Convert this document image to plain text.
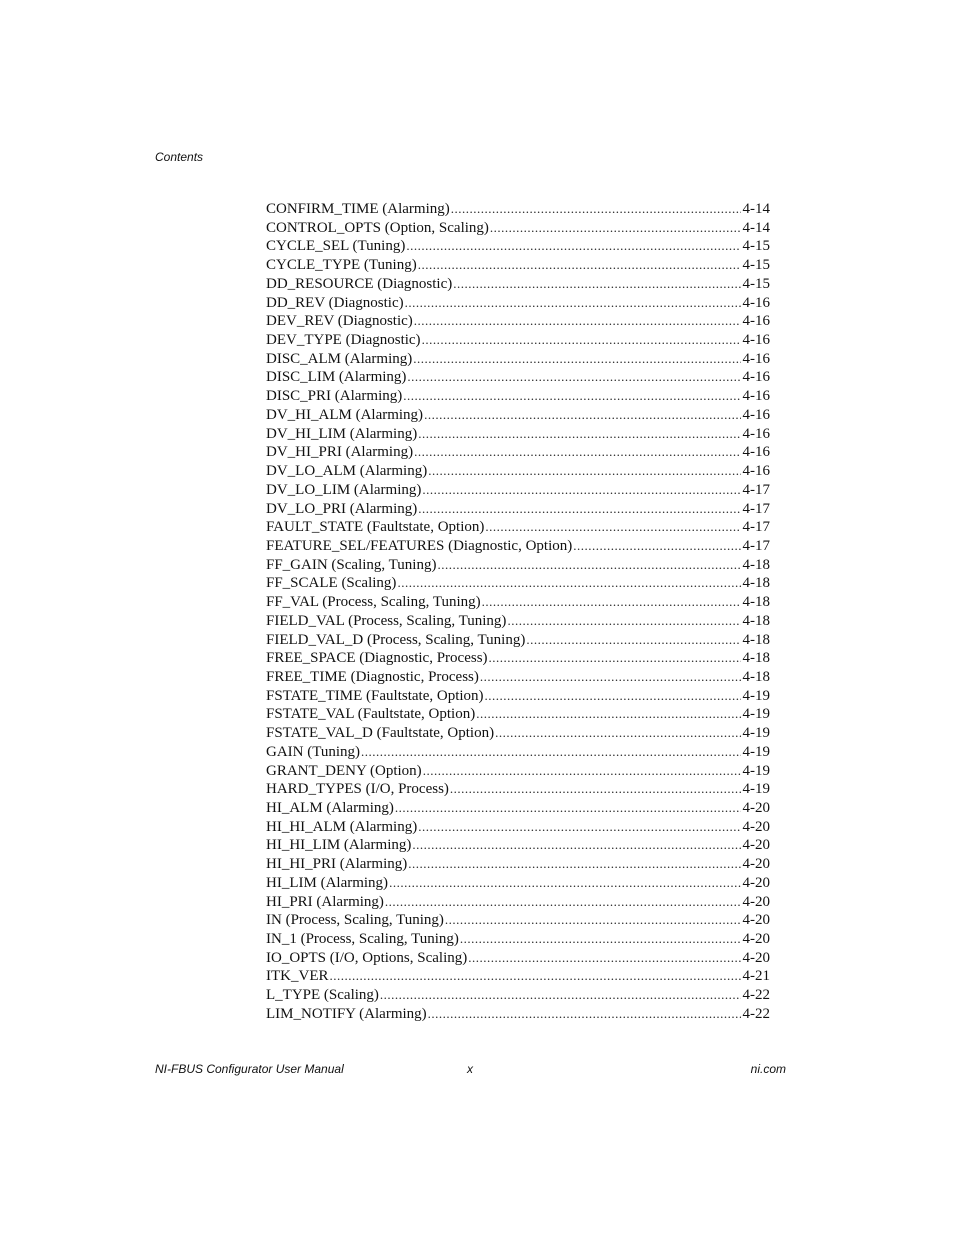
Contents
CONFIRM_TIME (Alarming) .....	4-14
CONTROL_OPTS (Option, Scaling) .....	4-14
CYCLE_SEL (Tuning) .....	4-15
CYCLE_TYPE (Tuning) .....	4-15
DD_RESOURCE (Diagnostic) .....	4-15
DD_REV (Diagnostic) .....	4-16
DEV_REV (Diagnostic) .....	4-16
DEV_TYPE (Diagnostic) .....	4-16
DISC_ALM (Alarming) .....	4-16
DISC_LIM (Alarming) .....	4-16
DISC_PRI (Alarming) .....	4-16
DV_HI_ALM (Alarming) .....	4-16
DV_HI_LIM (Alarming) .....	4-16
DV_HI_PRI (Alarming) .....	4-16
DV_LO_ALM (Alarming) .....	4-16
DV_LO_LIM (Alarming) .....	4-17
DV_LO_PRI (Alarming) .....	4-17
FAULT_STATE (Faultstate, Option) .....	4-17
FEATURE_SEL/FEATURES (Diagnostic, Option) .....	4-17
FF_GAIN (Scaling, Tuning) .....	4-18
FF_SCALE (Scaling) .....	4-18
FF_VAL (Process, Scaling, Tuning) .....	4-18
FIELD_VAL (Process, Scaling, Tuning) .....	4-18
FIELD_VAL_D (Process, Scaling, Tuning) .....	4-18
FREE_SPACE (Diagnostic, Process) .....	4-18
FREE_TIME (Diagnostic, Process) .....	4-18
FSTATE_TIME (Faultstate, Option) .....	4-19
FSTATE_VAL (Faultstate, Option) .....	4-19
FSTATE_VAL_D (Faultstate, Option) .....	4-19
GAIN (Tuning) .....	4-19
GRANT_DENY (Option) .....	4-19
HARD_TYPES (I/O, Process) .....	4-19
HI_ALM (Alarming) .....	4-20
HI_HI_ALM (Alarming) .....	4-20
HI_HI_LIM (Alarming) .....	4-20
HI_HI_PRI (Alarming) .....	4-20
HI_LIM (Alarming) .....	4-20
HI_PRI (Alarming) .....	4-20
IN (Process, Scaling, Tuning) .....	4-20
IN_1 (Process, Scaling, Tuning) .....	4-20
IO_OPTS (I/O, Options, Scaling) .....	4-20
ITK_VER .....	4-21
L_TYPE (Scaling) .....	4-22
LIM_NOTIFY (Alarming) .....	4-22
NI-FBUS Configurator User Manual	x	ni.com
